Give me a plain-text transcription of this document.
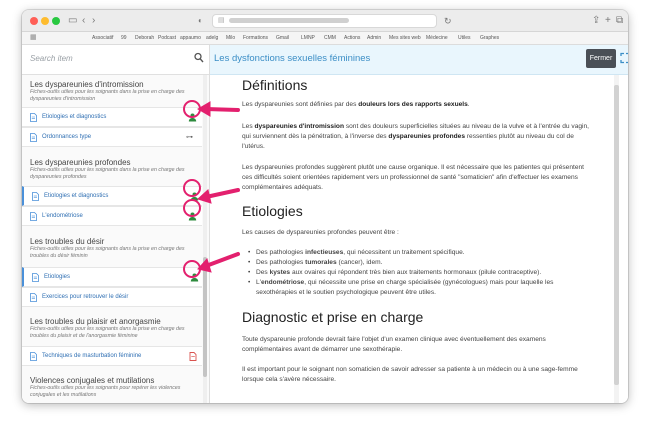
▭ ‹ ›	◐ ▤	↻	⇪ + ⧉
▦	Associatif 99 Deborah Podcast appaumo adelg Milo Formations Gmail LMNP CMM Actions Admin Mes sites web Médecine Utiles Graphes
Search item
Les dyspareunies d'intromission
Fiches-outils utiles pour les soignants dans la prise en charge des dyspareunies d'intromission
Etiologies et diagnostics
Ordonnances type	⊶
Les dyspareunies profondes
Fiches-outils utiles pour les soignants dans la prise en charge des dyspareunies profondes
Etiologies et diagnostics
L'endométriose
Les troubles du désir
Fiches-outils utiles pour les soignants dans la prise en charge des troubles du désir féminin
Etiologies
Exercices pour retrouver le désir
Les troubles du plaisir et anorgasmie
Fiches-outils utiles pour les soignants dans la prise en charge des troubles du plaisir et de l'anorgasmie féminine
Techniques de masturbation féminine
Violences conjugales et mutilations
Fiches-outils utiles pour les soignants pour repérer les violences conjugales et les mutilations
Les dysfonctions sexuelles féminines	Fermer
Définitions
Les dyspareunies sont définies par des douleurs lors des rapports sexuels.
Les dyspareunies d'intromission sont des douleurs superficielles situées au niveau de la vulve et à l'entrée du vagin, qui surviennent dès la pénétration, à l'inverse des dyspareunies profondes ressenties plutôt au niveau du col de l'utérus.
Les dyspareunies profondes suggèrent plutôt une cause organique. Il est nécessaire que les patientes qui présentent ces difficultés soient orientées rapidement vers un professionnel de santé "somaticien" afin d'effectuer les examens complémentaires adéquats.
Etiologies
Les causes de dyspareunies profondes peuvent être :
• Des pathologies infectieuses, qui nécessitent un traitement spécifique.
• Des pathologies tumorales (cancer), idem.
• Des kystes aux ovaires qui répondent très bien aux traitements hormonaux (pilule contraceptive).
• L'endométriose, qui nécessite une prise en charge spécialisée (gynécologues) mais pour laquelle les sexothérapies et le soutien psychologique peuvent être utiles.
Diagnostic et prise en charge
Toute dyspareunie profonde devrait faire l'objet d'un examen clinique avec éventuellement des examens complémentaires avant de démarrer une sexothérapie.
Il est important pour le soignant non somaticien de savoir adresser sa patiente à un médecin ou à une sage-femme lorsque cela s'avère nécessaire.
